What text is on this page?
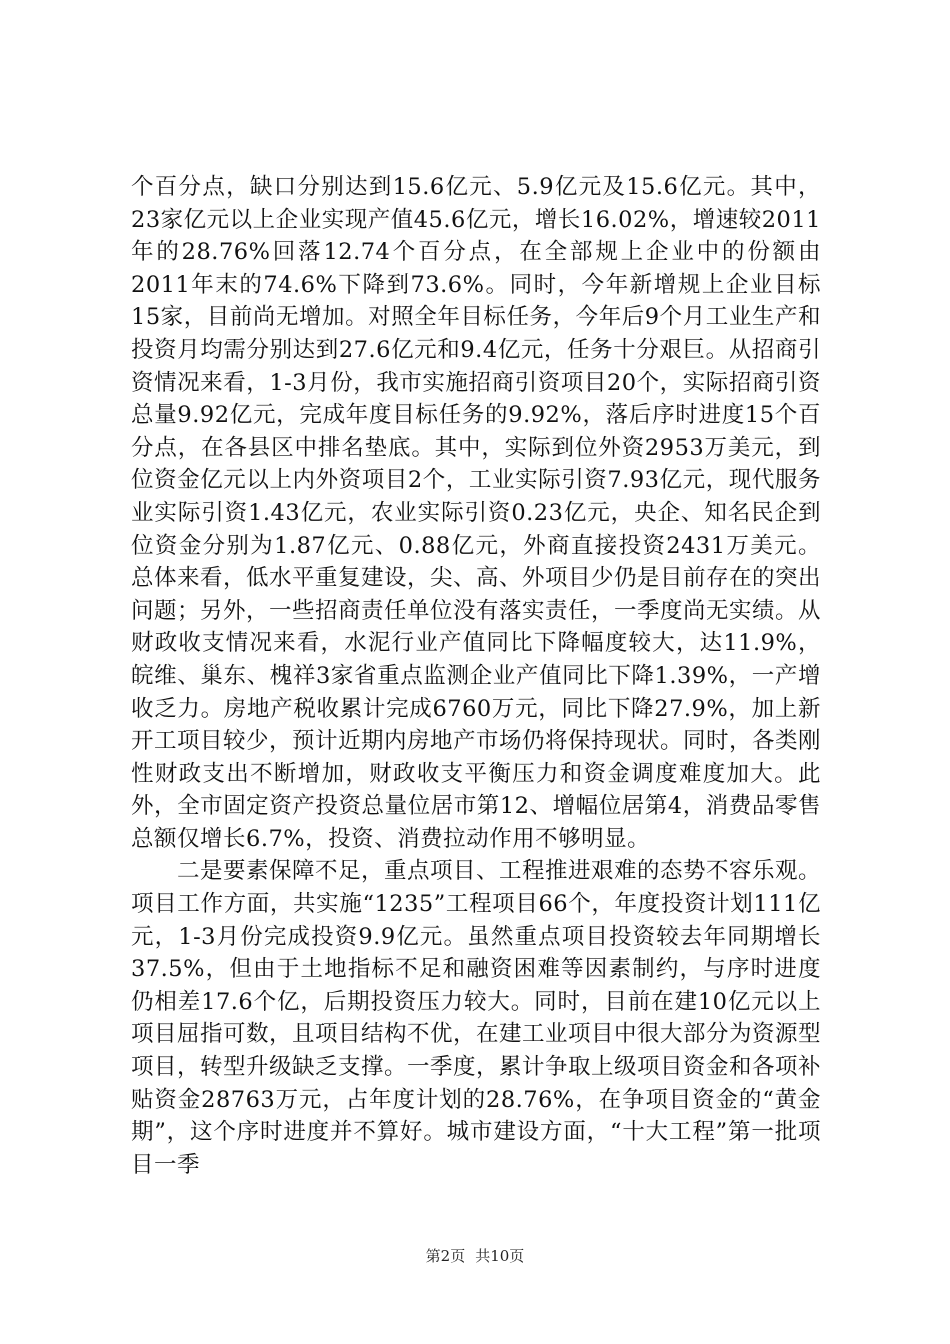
个百分点，缺口分别达到15.6亿元、5.9亿元及15.6亿元。其中，23家亿元以上企业实现产值45.6亿元，增长16.02%，增速较2011年的28.76%回落12.74个百分点，在全部规上企业中的份额由2011年末的74.6%下降到73.6%。同时，今年新增规上企业目标15家，目前尚无增加。对照全年目标任务，今年后9个月工业生产和投资月均需分别达到27.6亿元和9.4亿元，任务十分艰巨。从招商引资情况来看，1-3月份，我市实施招商引资项目20个，实际招商引资总量9.92亿元，完成年度目标任务的9.92%，落后序时进度15个百分点，在各县区中排名垫底。其中，实际到位外资2953万美元，到位资金亿元以上内外资项目2个，工业实际引资7.93亿元，现代服务业实际引资1.43亿元，农业实际引资0.23亿元，央企、知名民企到位资金分别为1.87亿元、0.88亿元，外商直接投资2431万美元。总体来看，低水平重复建设，尖、高、外项目少仍是目前存在的突出问题；另外，一些招商责任单位没有落实责任，一季度尚无实绩。从财政收支情况来看，水泥行业产值同比下降幅度较大，达11.9%，皖维、巢东、槐祥3家省重点监测企业产值同比下降1.39%，一产增收乏力。房地产税收累计完成6760万元，同比下降27.9%，加上新开工项目较少，预计近期内房地产市场仍将保持现状。同时，各类刚性财政支出不断增加，财政收支平衡压力和资金调度难度加大。此外，全市固定资产投资总量位居市第12、增幅位居第4，消费品零售总额仅增长6.7%，投资、消费拉动作用不够明显。

二是要素保障不足，重点项目、工程推进艰难的态势不容乐观。项目工作方面，共实施“1235”工程项目66个，年度投资计划111亿元，1-3月份完成投资9.9亿元。虽然重点项目投资较去年同期增长37.5%，但由于土地指标不足和融资困难等因素制约，与序时进度仍相差17.6个亿，后期投资压力较大。同时，目前在建10亿元以上项目屈指可数，且项目结构不优，在建工业项目中很大部分为资源型项目，转型升级缺乏支撑。一季度，累计争取上级项目资金和各项补贴资金28763万元，占年度计划的28.76%，在争项目资金的“黄金期”，这个序时进度并不算好。城市建设方面，“十大工程”第一批项目一季

第2页 共10页
